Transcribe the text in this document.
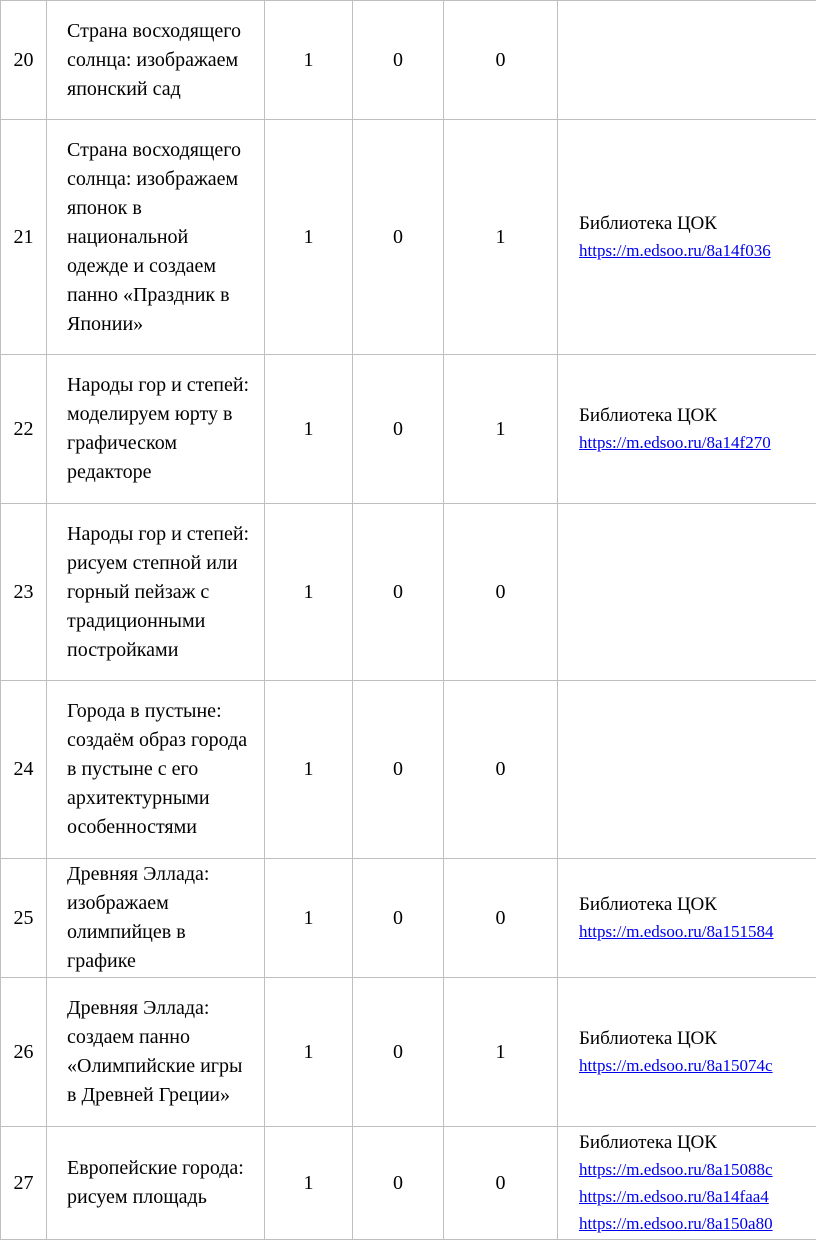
20	Страна восходящего солнца: изображаем японский сад	1	0	0	
21	Страна восходящего солнца: изображаем японок в национальной одежде и создаем панно «Праздник в Японии»	1	0	1	Библиотека ЦОК
https://m.edsoo.ru/8a14f036

22	Народы гор и степей: моделируем юрту в графическом редакторе	1	0	1	Библиотека ЦОК
https://m.edsoo.ru/8a14f270

23	Народы гор и степей: рисуем степной или горный пейзаж с традиционными постройками	1	0	0	
24	Города в пустыне: создаём образ города в пустыне с его архитектурными особенностями	1	0	0	
25	Древняя Эллада: изображаем олимпийцев в графике	1	0	0	Библиотека ЦОК
https://m.edsoo.ru/8a151584

26	Древняя Эллада: создаем панно «Олимпийские игры в Древней Греции»	1	0	1	Библиотека ЦОК
https://m.edsoo.ru/8a15074c

27	Европейские города: рисуем площадь	1	0	0	Библиотека ЦОК
https://m.edsoo.ru/8a15088c
https://m.edsoo.ru/8a14faa4
https://m.edsoo.ru/8a150a80
